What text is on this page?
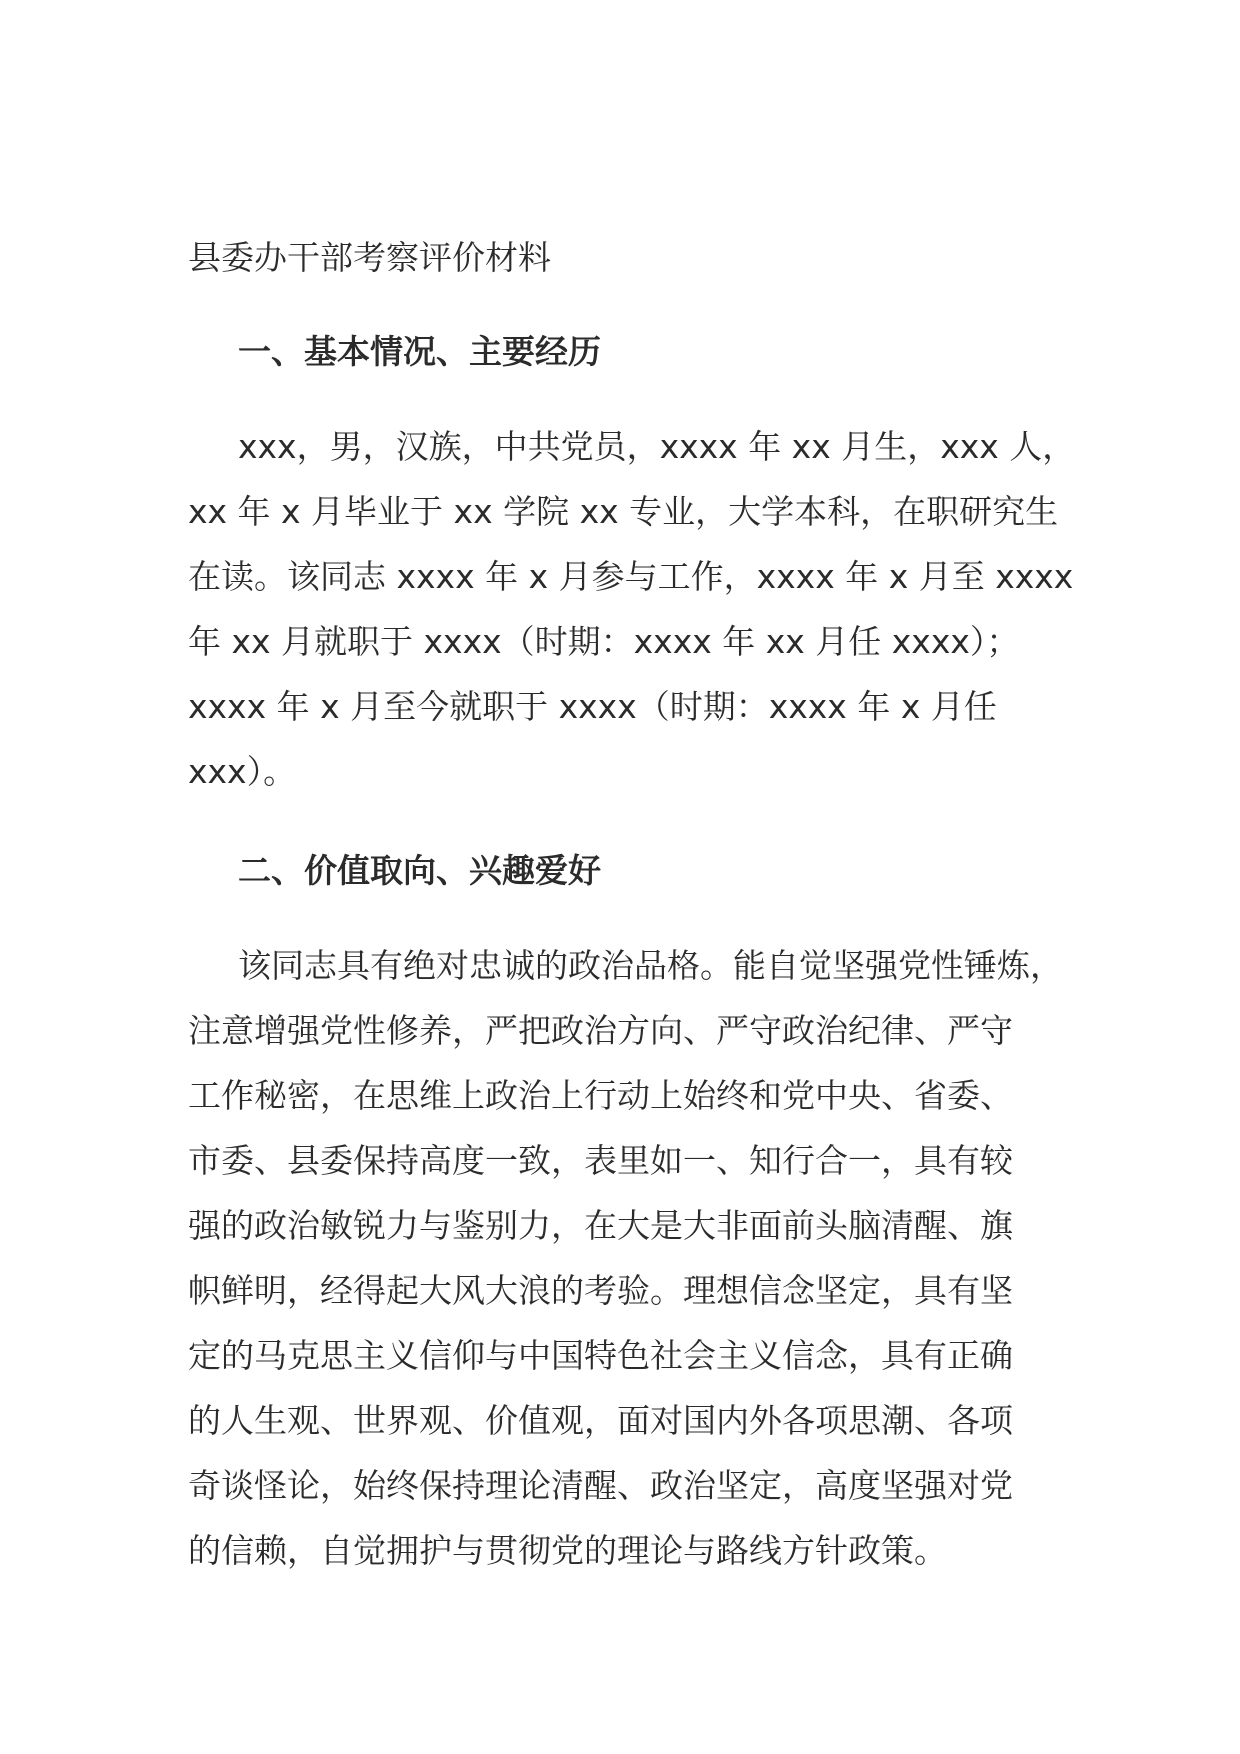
县委办干部考察评价材料
一、基本情况、主要经历
xxx，男，汉族，中共党员，xxxx 年 xx 月生，xxx 人，
xx 年 x 月毕业于 xx 学院 xx 专业，大学本科，在职研究生
在读。该同志 xxxx 年 x 月参与工作，xxxx 年 x 月至 xxxx
年 xx 月就职于 xxxx（时期：xxxx 年 xx 月任 xxxx）；
xxxx 年 x 月至今就职于 xxxx（时期：xxxx 年 x 月任
xxx）。
二、价值取向、兴趣爱好
该同志具有绝对忠诚的政治品格。能自觉坚强党性锤炼，
注意增强党性修养，严把政治方向、严守政治纪律、严守
工作秘密，在思维上政治上行动上始终和党中央、省委、
市委、县委保持高度一致，表里如一、知行合一，具有较
强的政治敏锐力与鉴别力，在大是大非面前头脑清醒、旗
帜鲜明，经得起大风大浪的考验。理想信念坚定，具有坚
定的马克思主义信仰与中国特色社会主义信念，具有正确
的人生观、世界观、价值观，面对国内外各项思潮、各项
奇谈怪论，始终保持理论清醒、政治坚定，高度坚强对党
的信赖，自觉拥护与贯彻党的理论与路线方针政策。
